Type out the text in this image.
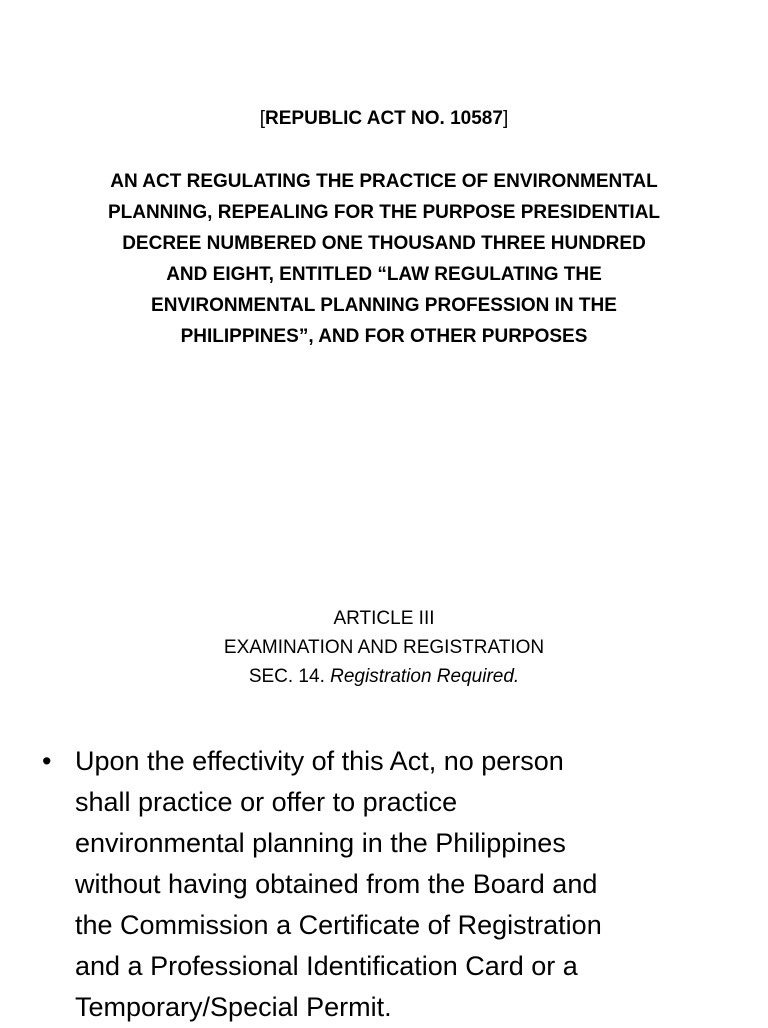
[REPUBLIC ACT NO. 10587]
AN ACT REGULATING THE PRACTICE OF ENVIRONMENTAL
PLANNING, REPEALING FOR THE PURPOSE PRESIDENTIAL
DECREE NUMBERED ONE THOUSAND THREE HUNDRED
AND EIGHT, ENTITLED “LAW REGULATING THE
ENVIRONMENTAL PLANNING PROFESSION IN THE
PHILIPPINES”, AND FOR OTHER PURPOSES
ARTICLE III
EXAMINATION AND REGISTRATION
SEC. 14. Registration Required.
• Upon the effectivity of this Act, no person
shall practice or offer to practice
environmental planning in the Philippines
without having obtained from the Board and
the Commission a Certificate of Registration
and a Professional Identification Card or a
Temporary/Special Permit.
